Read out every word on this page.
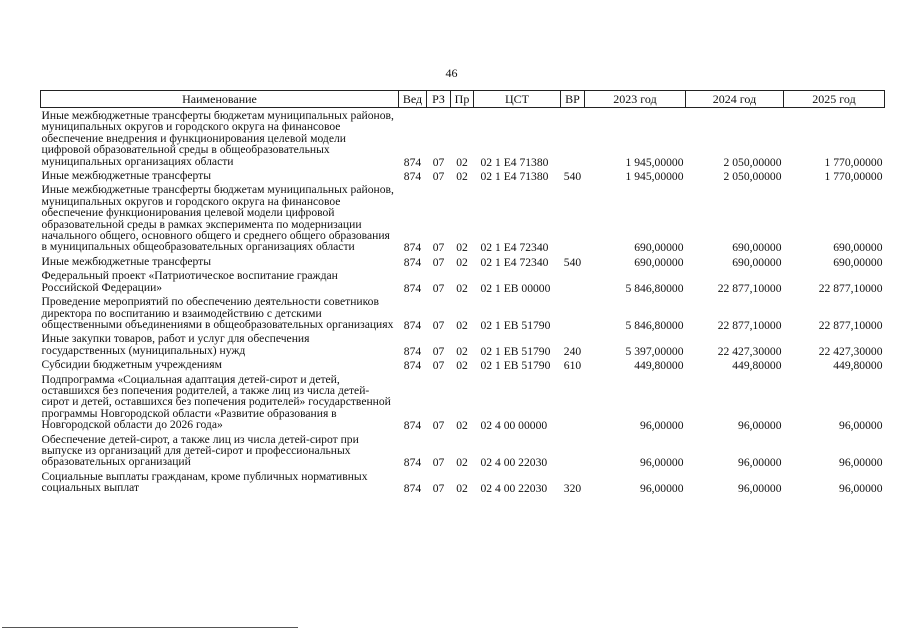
46
Наименование	Вед	РЗ	Пр	ЦСТ	ВР	2023 год	2024 год	2025 год
Иные межбюджетные трансферты бюджетам муниципальных районов, муниципальных округов и городского округа на финансовое обеспечение внедрения и функционирования целевой модели цифровой образовательной среды в общеобразовательных муниципальных организациях области	874	07	02	02 1 Е4 71380		1 945,00000	2 050,00000	1 770,00000
Иные межбюджетные трансферты	874	07	02	02 1 Е4 71380	540	1 945,00000	2 050,00000	1 770,00000
Иные межбюджетные трансферты бюджетам муниципальных районов, муниципальных округов и городского округа на финансовое обеспечение функционирования целевой модели цифровой образовательной среды в рамках эксперимента по модернизации начального общего, основного общего и среднего общего образования в муниципальных общеобразовательных организациях области	874	07	02	02 1 Е4 72340		690,00000	690,00000	690,00000
Иные межбюджетные трансферты	874	07	02	02 1 Е4 72340	540	690,00000	690,00000	690,00000
Федеральный проект «Патриотическое воспитание граждан Российской Федерации»	874	07	02	02 1 ЕВ 00000		5 846,80000	22 877,10000	22 877,10000
Проведение мероприятий по обеспечению деятельности советников директора по воспитанию и взаимодействию с детскими общественными объединениями в общеобразовательных организациях	874	07	02	02 1 ЕВ 51790		5 846,80000	22 877,10000	22 877,10000
Иные закупки товаров, работ и услуг для обеспечения государственных (муниципальных) нужд	874	07	02	02 1 ЕВ 51790	240	5 397,00000	22 427,30000	22 427,30000
Субсидии бюджетным учреждениям	874	07	02	02 1 ЕВ 51790	610	449,80000	449,80000	449,80000
Подпрограмма «Социальная адаптация детей-сирот и детей, оставшихся без попечения родителей, а также лиц из числа детей-сирот и детей, оставшихся без попечения родителей» государственной программы Новгородской области «Развитие образования в Новгородской области до 2026 года»	874	07	02	02 4 00 00000		96,00000	96,00000	96,00000
Обеспечение детей-сирот, а также лиц из числа детей-сирот при выпуске из организаций для детей-сирот и профессиональных образовательных организаций	874	07	02	02 4 00 22030		96,00000	96,00000	96,00000
Социальные выплаты гражданам, кроме публичных нормативных социальных выплат	874	07	02	02 4 00 22030	320	96,00000	96,00000	96,00000
